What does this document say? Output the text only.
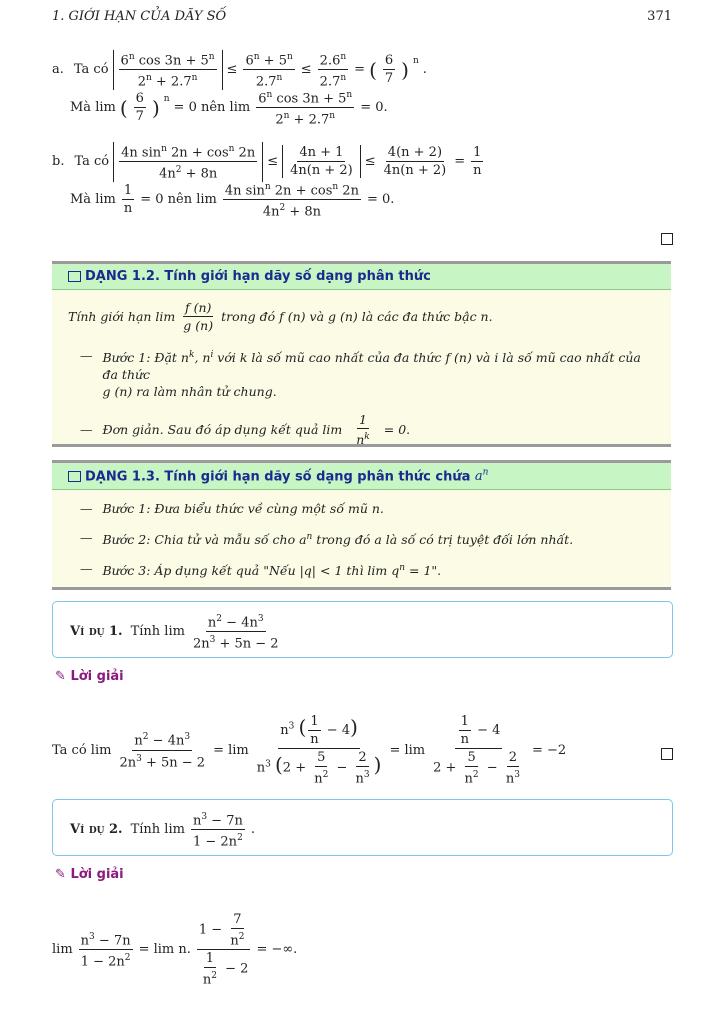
1. GIỚI HẠN CỦA DÃY SỐ	371
a. Ta có $\frac{6^n \cos 3n + 5^n}{2^n + 2.7^n} \le \frac{6^n + 5^n}{2.7^n} \le \frac{2.6^n}{2.7^n}$ = ( 6
7 ) $^n$
.
Mà lim ( 6
7 ) $^n$
= 0 nên $\lim \frac{6^n \cos 3n + 5^n}{2^n + 2.7^n} = 0$.
b. Ta có $\frac{4n \sin^n 2n + \cos^n 2n}{4n^2 + 8n} \le \frac{4n + 1}{4n(n + 2)} \le \frac{4(n + 2)}{4n(n + 2)} = \frac{1}{n}$
Mà $\lim \frac{1}{n} = 0$ nên $\lim \frac{4n \sin^n 2n + \cos^n 2n}{4n^2 + 8n} = 0$.
DẠNG 1.2. Tính giới hạn dãy số dạng phân thức
Tính giới hạn lim
f (n)
g (n)
trong đó f (n) và g (n) là các đa thức bậc n.
— Bước 1: Đặt $n^k$, $n^i$ với k là số mũ cao nhất của đa thức f (n) và i là số mũ cao nhất của đa thức
g (n) ra làm nhân tử chung.
— Đơn giản. Sau đó áp dụng kết quả $\lim \frac{1}{n^k} = 0$.
DẠNG 1.3. Tính giới hạn dãy số dạng phân thức chứa $a^n$
— Bước 1: Đưa biểu thức về cùng một số mũ n.
— Bước 2: Chia tử và mẫu số cho $a^n$ trong đó a là số có trị tuyệt đối lớn nhất.
— Bước 3: Áp dụng kết quả "Nếu |q| < 1 thì $\lim q^n = 1$".
Ví dụ 1. Tính lim
$n^2 - 4n^3$
$2n^3 + 5n - 2$
✎ Lời giải
Ta có $\lim \frac{n^2 - 4n^3}{2n^3 + 5n - 2} = \lim \frac{n^3 ( \frac{1}{n} - 4)}{n^3 (2 + \frac{5}{n^2} - \frac{2}{n^3} )} = \lim \frac{\frac{1}{n} - 4}{2 + \frac{5}{n^2} - \frac{2}{n^3}} = -2$
Ví dụ 2. Tính lim
$n^3 - 7n$
$1 - 2n^2$
.
✎ Lời giải
$\lim \frac{n^3 - 7n}{1 - 2n^2} = \lim n$. $\frac{1 - \frac{7}{n^2}}{\frac{1}{n^2} - 2}$ = −∞.
